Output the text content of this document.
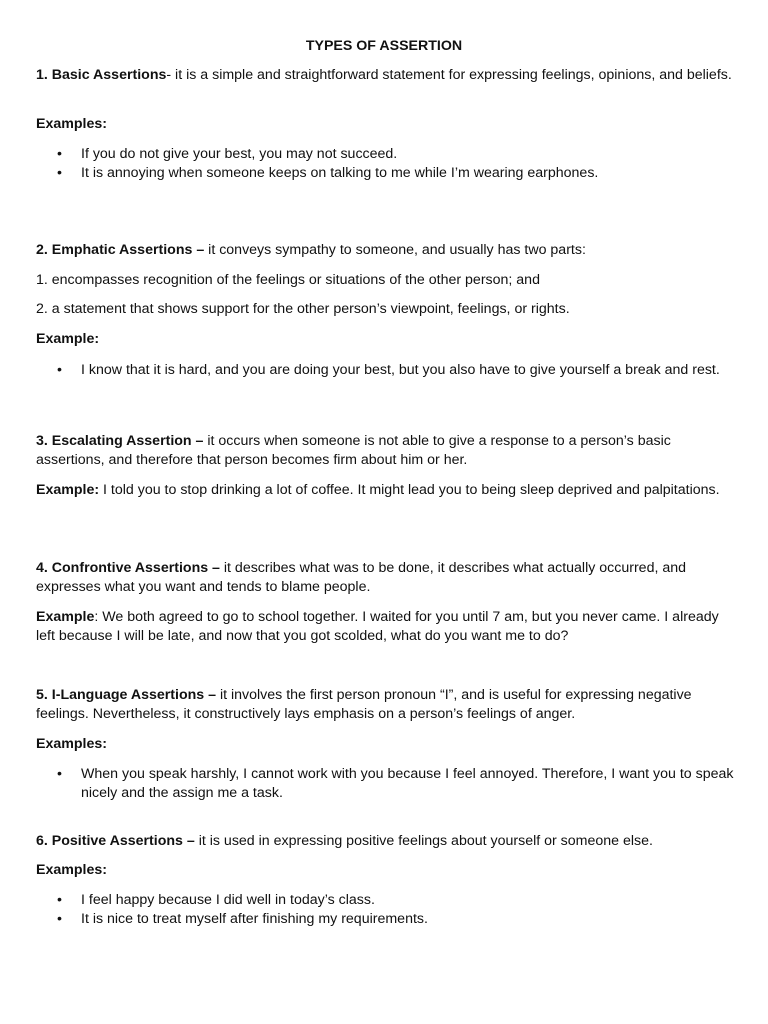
TYPES OF ASSERTION
1. Basic Assertions- it is a simple and straightforward statement for expressing feelings, opinions, and beliefs.
Examples:
• If you do not give your best, you may not succeed.
• It is annoying when someone keeps on talking to me while I’m wearing earphones.
2. Emphatic Assertions – it conveys sympathy to someone, and usually has two parts:
1. encompasses recognition of the feelings or situations of the other person; and
2. a statement that shows support for the other person’s viewpoint, feelings, or rights.
Example:
• I know that it is hard, and you are doing your best, but you also have to give yourself a break and rest.
3. Escalating Assertion – it occurs when someone is not able to give a response to a person’s basic assertions, and therefore that person becomes firm about him or her.
Example: I told you to stop drinking a lot of coffee. It might lead you to being sleep deprived and palpitations.
4. Confrontive Assertions – it describes what was to be done, it describes what actually occurred, and expresses what you want and tends to blame people.
Example: We both agreed to go to school together. I waited for you until 7 am, but you never came. I already left because I will be late, and now that you got scolded, what do you want me to do?
5. I-Language Assertions – it involves the first person pronoun “I”, and is useful for expressing negative feelings. Nevertheless, it constructively lays emphasis on a person’s feelings of anger.
Examples:
• When you speak harshly, I cannot work with you because I feel annoyed. Therefore, I want you to speak nicely and the assign me a task.
6. Positive Assertions – it is used in expressing positive feelings about yourself or someone else.
Examples:
• I feel happy because I did well in today’s class.
• It is nice to treat myself after finishing my requirements.
